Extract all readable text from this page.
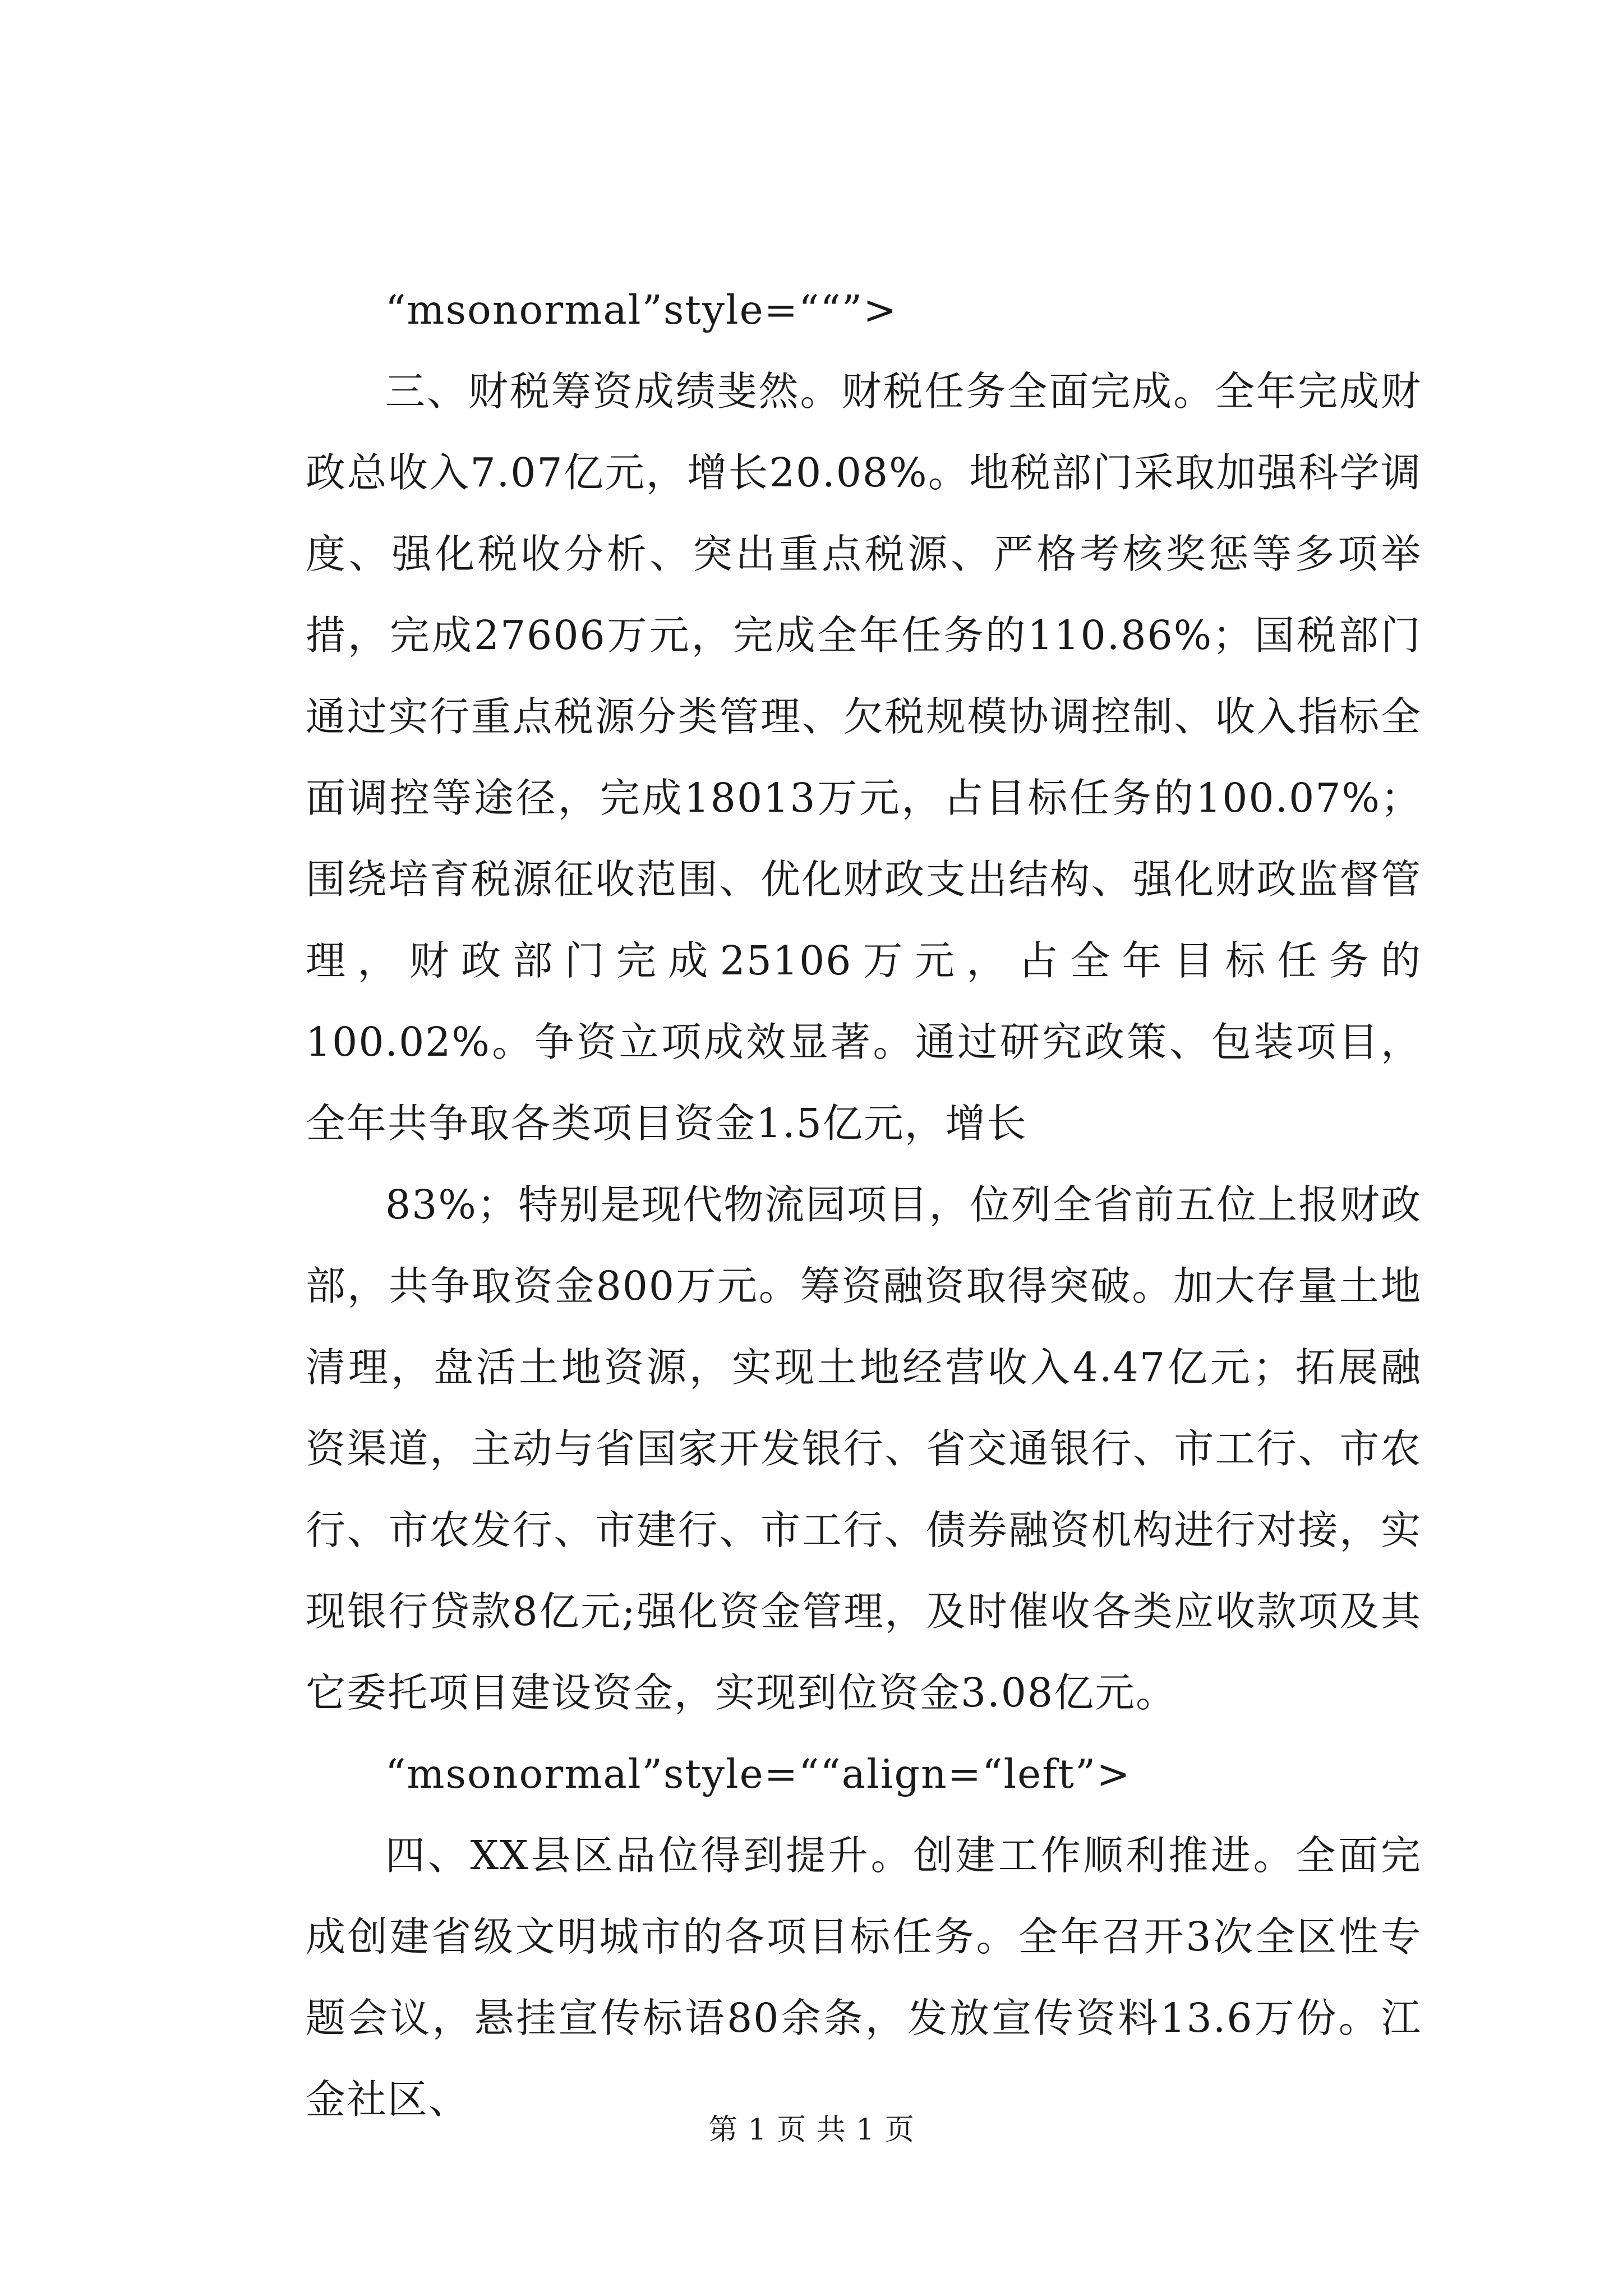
“msonormal”style=““”>

三、财税筹资成绩斐然。财税任务全面完成。全年完成财政总收入7.07亿元，增长20.08%。地税部门采取加强科学调度、强化税收分析、突出重点税源、严格考核奖惩等多项举措，完成27606万元，完成全年任务的110.86%；国税部门通过实行重点税源分类管理、欠税规模协调控制、收入指标全面调控等途径，完成18013万元，占目标任务的100.07%；围绕培育税源征收范围、优化财政支出结构、强化财政监督管理，财政部门完成25106万元，占全年目标任务的100.02%。争资立项成效显著。通过研究政策、包装项目，全年共争取各类项目资金1.5亿元，增长

83%；特别是现代物流园项目，位列全省前五位上报财政部，共争取资金800万元。筹资融资取得突破。加大存量土地清理，盘活土地资源，实现土地经营收入4.47亿元；拓展融资渠道，主动与省国家开发银行、省交通银行、市工行、市农行、市农发行、市建行、市工行、债券融资机构进行对接，实现银行贷款8亿元;强化资金管理，及时催收各类应收款项及其它委托项目建设资金，实现到位资金3.08亿元。

“msonormal”style=““align=“left”>

四、XX县区品位得到提升。创建工作顺利推进。全面完成创建省级文明城市的各项目标任务。全年召开3次全区性专题会议，悬挂宣传标语80余条，发放宣传资料13.6万份。江金社区、

第 1 页 共 1 页
